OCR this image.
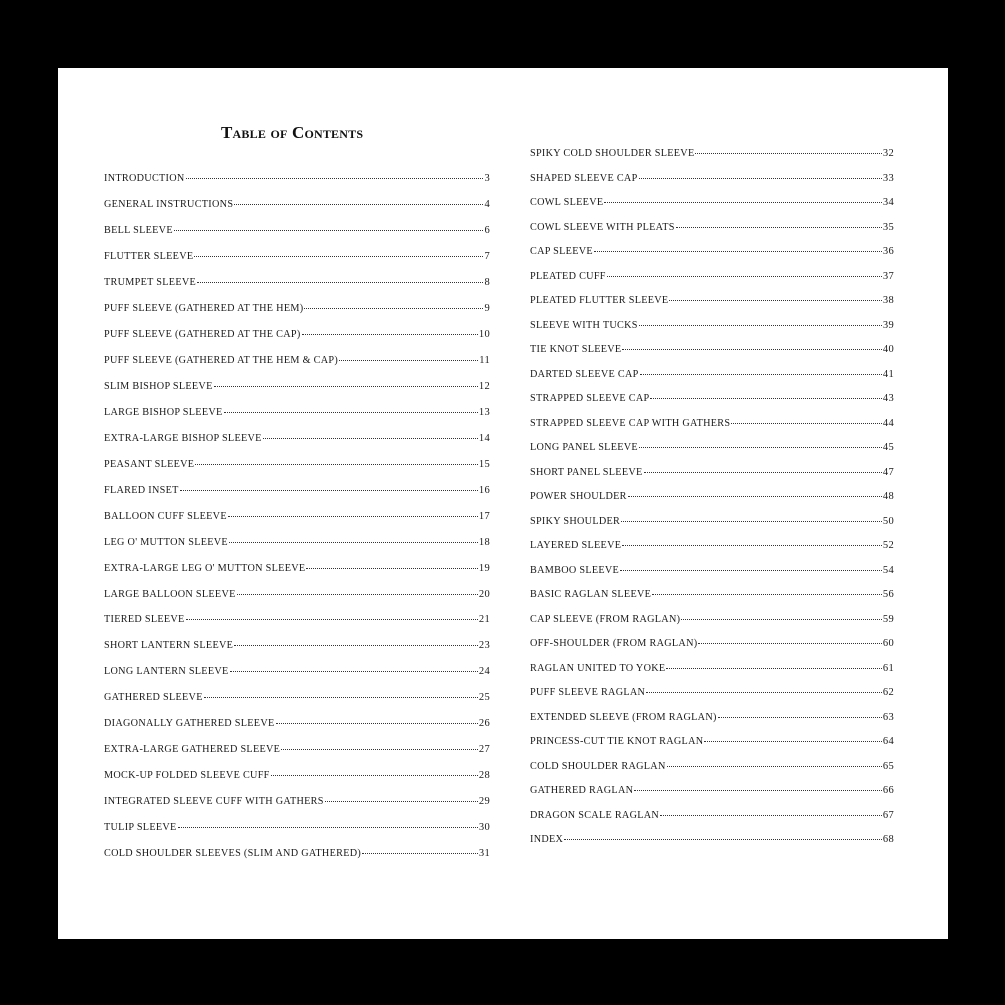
Table of Contents
INTRODUCTION	3
GENERAL INSTRUCTIONS	4
BELL SLEEVE	6
FLUTTER SLEEVE	7
TRUMPET SLEEVE	8
PUFF SLEEVE (GATHERED AT THE HEM)	9
PUFF SLEEVE (GATHERED AT THE CAP)	10
PUFF SLEEVE (GATHERED AT THE HEM & CAP)	11
SLIM BISHOP SLEEVE	12
LARGE BISHOP SLEEVE	13
EXTRA-LARGE BISHOP SLEEVE	14
PEASANT SLEEVE	15
FLARED INSET	16
BALLOON CUFF SLEEVE	17
LEG O' MUTTON SLEEVE	18
EXTRA-LARGE LEG O' MUTTON SLEEVE	19
LARGE BALLOON SLEEVE	20
TIERED SLEEVE	21
SHORT LANTERN SLEEVE	23
LONG LANTERN SLEEVE	24
GATHERED SLEEVE	25
DIAGONALLY GATHERED SLEEVE	26
EXTRA-LARGE GATHERED SLEEVE	27
MOCK-UP FOLDED SLEEVE CUFF	28
INTEGRATED SLEEVE CUFF WITH GATHERS	29
TULIP SLEEVE	30
COLD SHOULDER SLEEVES (SLIM AND GATHERED)	31
SPIKY COLD SHOULDER SLEEVE	32
SHAPED SLEEVE CAP	33
COWL SLEEVE	34
COWL SLEEVE WITH PLEATS	35
CAP SLEEVE	36
PLEATED CUFF	37
PLEATED FLUTTER SLEEVE	38
SLEEVE WITH TUCKS	39
TIE KNOT SLEEVE	40
DARTED SLEEVE CAP	41
STRAPPED SLEEVE CAP	43
STRAPPED SLEEVE CAP WITH GATHERS	44
LONG PANEL SLEEVE	45
SHORT PANEL SLEEVE	47
POWER SHOULDER	48
SPIKY SHOULDER	50
LAYERED SLEEVE	52
BAMBOO SLEEVE	54
BASIC RAGLAN SLEEVE	56
CAP SLEEVE (FROM RAGLAN)	59
OFF-SHOULDER (FROM RAGLAN)	60
RAGLAN UNITED TO YOKE	61
PUFF SLEEVE RAGLAN	62
EXTENDED SLEEVE (FROM RAGLAN)	63
PRINCESS-CUT TIE KNOT RAGLAN	64
COLD SHOULDER RAGLAN	65
GATHERED RAGLAN	66
DRAGON SCALE RAGLAN	67
INDEX	68
